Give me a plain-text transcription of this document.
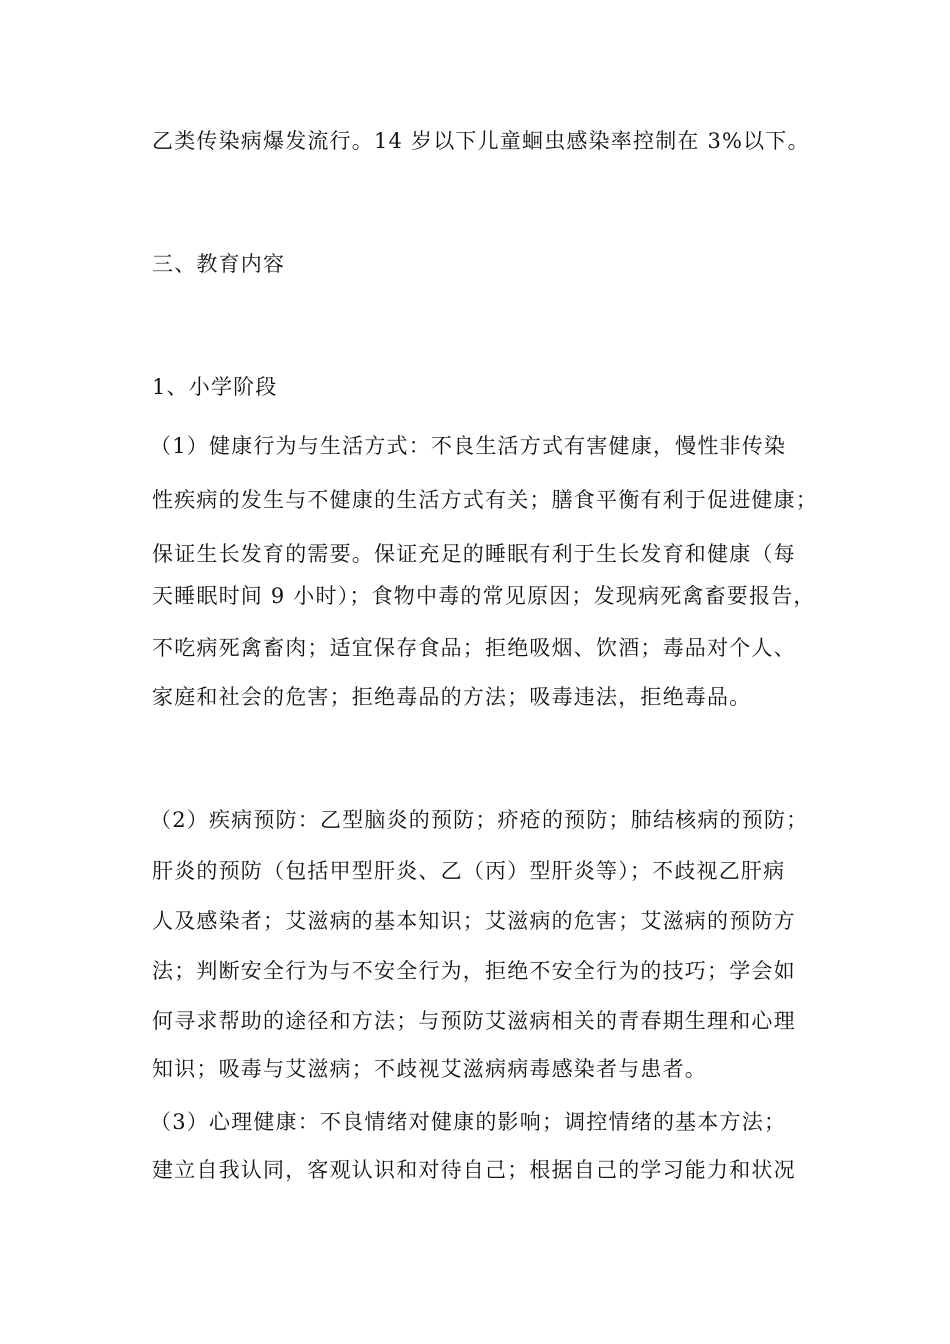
乙类传染病爆发流行。14 岁以下儿童蛔虫感染率控制在 3%以下。
三、教育内容
1、小学阶段
（1）健康行为与生活方式：不良生活方式有害健康，慢性非传染
性疾病的发生与不健康的生活方式有关；膳食平衡有利于促进健康；
保证生长发育的需要。保证充足的睡眠有利于生长发育和健康（每
天睡眠时间 9 小时）；食物中毒的常见原因；发现病死禽畜要报告，
不吃病死禽畜肉；适宜保存食品；拒绝吸烟、饮酒；毒品对个人、
家庭和社会的危害；拒绝毒品的方法；吸毒违法，拒绝毒品。
（2）疾病预防：乙型脑炎的预防；疥疮的预防；肺结核病的预防；
肝炎的预防（包括甲型肝炎、乙（丙）型肝炎等）；不歧视乙肝病
人及感染者；艾滋病的基本知识；艾滋病的危害；艾滋病的预防方
法；判断安全行为与不安全行为，拒绝不安全行为的技巧；学会如
何寻求帮助的途径和方法；与预防艾滋病相关的青春期生理和心理
知识；吸毒与艾滋病；不歧视艾滋病病毒感染者与患者。
（3）心理健康：不良情绪对健康的影响；调控情绪的基本方法；
建立自我认同，客观认识和对待自己；根据自己的学习能力和状况
